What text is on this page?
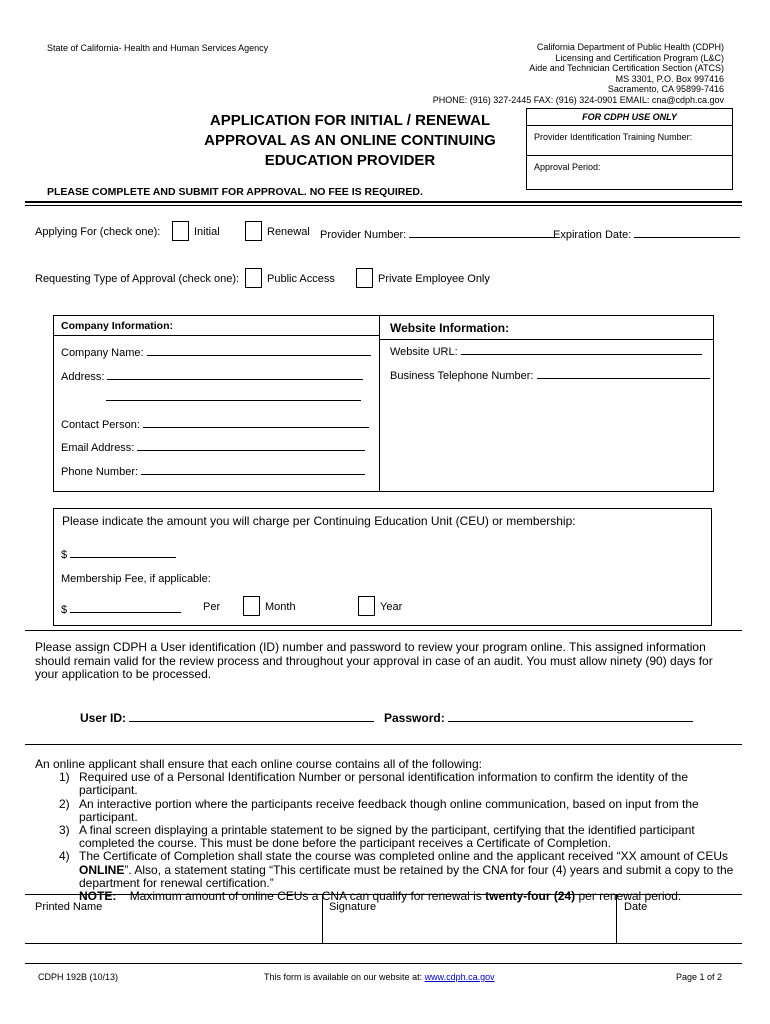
State of California- Health and Human Services Agency	California Department of Public Health (CDPH)
Licensing and Certification Program (L&C)
Aide and Technician Certification Section (ATCS)
MS 3301, P.O. Box 997416
Sacramento, CA 95899-7416
PHONE: (916) 327-2445 FAX: (916) 324-0901 EMAIL: cna@cdph.ca.gov
APPLICATION FOR INITIAL / RENEWAL
APPROVAL AS AN ONLINE CONTINUING
EDUCATION PROVIDER
FOR CDPH USE ONLY
Provider Identification Training Number:
Approval Period:
PLEASE COMPLETE AND SUBMIT FOR APPROVAL. NO FEE IS REQUIRED.
Applying For (check one):	Initial	Renewal Provider Number:	Expiration Date:
Requesting Type of Approval (check one):	Public Access	Private Employee Only
Company Information:
Company Name:
Address:
Contact Person:
Email Address:
Phone Number:
Website Information:
Website URL:
Business Telephone Number:
Please indicate the amount you will charge per Continuing Education Unit (CEU) or membership:
$
Membership Fee, if applicable:
$	Per	Month	Year
Please assign CDPH a User identification (ID) number and password to review your program online. This assigned information should remain valid for the review process and throughout your approval in case of an audit. You must allow ninety (90) days for your application to be processed.
User ID:	Password:
An online applicant shall ensure that each online course contains all of the following:
1) Required use of a Personal Identification Number or personal identification information to confirm the identity of the participant.
2) An interactive portion where the participants receive feedback though online communication, based on input from the participant.
3) A final screen displaying a printable statement to be signed by the participant, certifying that the identified participant completed the course. This must be done before the participant receives a Certificate of Completion.
4) The Certificate of Completion shall state the course was completed online and the applicant received “XX amount of CEUs ONLINE”. Also, a statement stating “This certificate must be retained by the CNA for four (4) years and submit a copy to the department for renewal certification.”
NOTE: Maximum amount of online CEUs a CNA can qualify for renewal is twenty-four (24) per renewal period.
Printed Name	Signature	Date
CDPH 192B (10/13)	This form is available on our website at: www.cdph.ca.gov	Page 1 of 2
